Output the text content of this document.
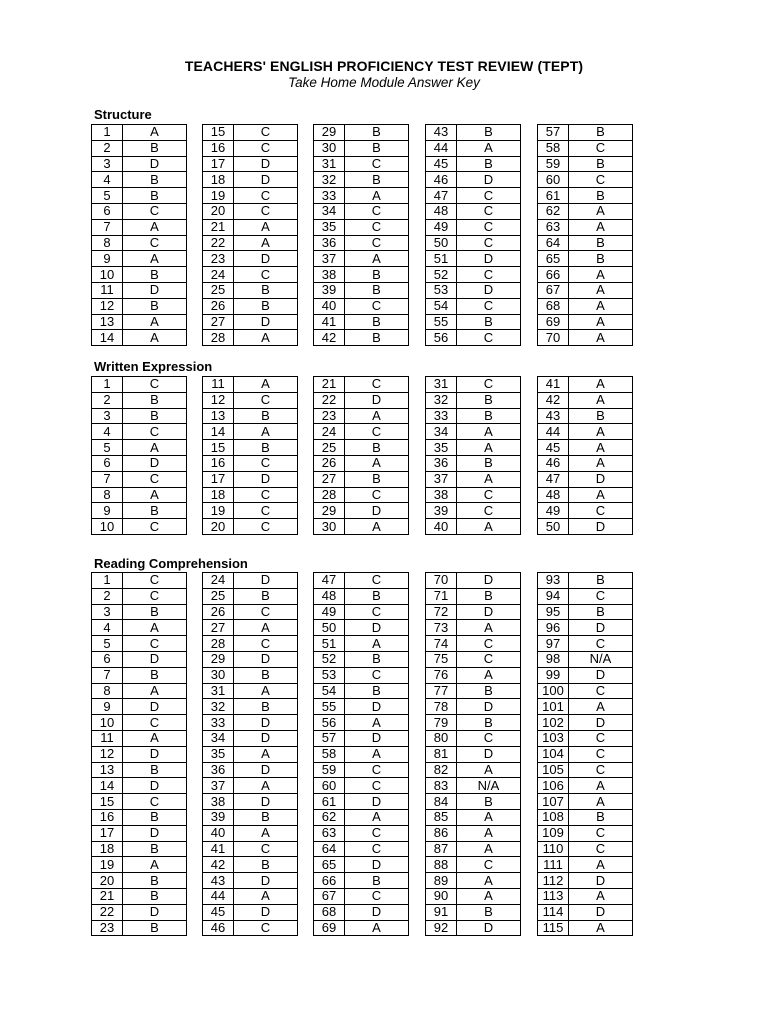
TEACHERS' ENGLISH PROFICIENCY TEST REVIEW (TEPT)
Take Home Module Answer Key
Structure
Written Expression
Reading Comprehension
1	A
2	B
3	D
4	B
5	B
6	C
7	A
8	C
9	A
10	B
11	D
12	B
13	A
14	A
15	C
16	C
17	D
18	D
19	C
20	C
21	A
22	A
23	D
24	C
25	B
26	B
27	D
28	A
29	B
30	B
31	C
32	B
33	A
34	C
35	C
36	C
37	A
38	B
39	B
40	C
41	B
42	B
43	B
44	A
45	B
46	D
47	C
48	C
49	C
50	C
51	D
52	C
53	D
54	C
55	B
56	C
57	B
58	C
59	B
60	C
61	B
62	A
63	A
64	B
65	B
66	A
67	A
68	A
69	A
70	A
1	C
2	B
3	B
4	C
5	A
6	D
7	C
8	A
9	B
10	C
11	A
12	C
13	B
14	A
15	B
16	C
17	D
18	C
19	C
20	C
21	C
22	D
23	A
24	C
25	B
26	A
27	B
28	C
29	D
30	A
31	C
32	B
33	B
34	A
35	A
36	B
37	A
38	C
39	C
40	A
41	A
42	A
43	B
44	A
45	A
46	A
47	D
48	A
49	C
50	D
1	C
2	C
3	B
4	A
5	C
6	D
7	B
8	A
9	D
10	C
11	A
12	D
13	B
14	D
15	C
16	B
17	D
18	B
19	A
20	B
21	B
22	D
23	B
24	D
25	B
26	C
27	A
28	C
29	D
30	B
31	A
32	B
33	D
34	D
35	A
36	D
37	A
38	D
39	B
40	A
41	C
42	B
43	D
44	A
45	D
46	C
47	C
48	B
49	C
50	D
51	A
52	B
53	C
54	B
55	D
56	A
57	D
58	A
59	C
60	C
61	D
62	A
63	C
64	C
65	D
66	B
67	C
68	D
69	A
70	D
71	B
72	D
73	A
74	C
75	C
76	A
77	B
78	D
79	B
80	C
81	D
82	A
83	N/A
84	B
85	A
86	A
87	A
88	C
89	A
90	A
91	B
92	D
93	B
94	C
95	B
96	D
97	C
98	N/A
99	D
100	C
101	A
102	D
103	C
104	C
105	C
106	A
107	A
108	B
109	C
110	C
111	A
112	D
113	A
114	D
115	A
